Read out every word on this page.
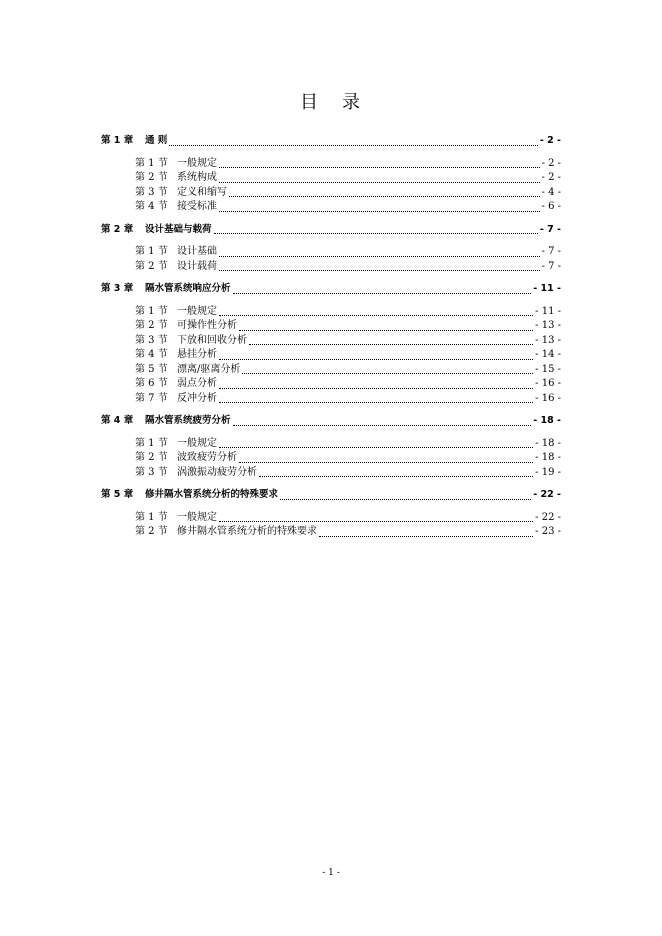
目 录
第 1 章	通 则	- 2 -
第 1 节 一般规定	- 2 -
第 2 节 系统构成	- 2 -
第 3 节 定义和缩写	- 4 -
第 4 节 接受标准	- 6 -
第 2 章	设计基础与载荷	- 7 -
第 1 节 设计基础	- 7 -
第 2 节 设计载荷	- 7 -
第 3 章	隔水管系统响应分析	- 11 -
第 1 节 一般规定	- 11 -
第 2 节 可操作性分析	- 13 -
第 3 节 下放和回收分析	- 13 -
第 4 节 悬挂分析	- 14 -
第 5 节 漂离/驱离分析	- 15 -
第 6 节 弱点分析	- 16 -
第 7 节 反冲分析	- 16 -
第 4 章	隔水管系统疲劳分析	- 18 -
第 1 节 一般规定	- 18 -
第 2 节 波致疲劳分析	- 18 -
第 3 节 涡激振动疲劳分析	- 19 -
第 5 章	修井隔水管系统分析的特殊要求	- 22 -
第 1 节 一般规定	- 22 -
第 2 节 修井隔水管系统分析的特殊要求	- 23 -
- 1 -
